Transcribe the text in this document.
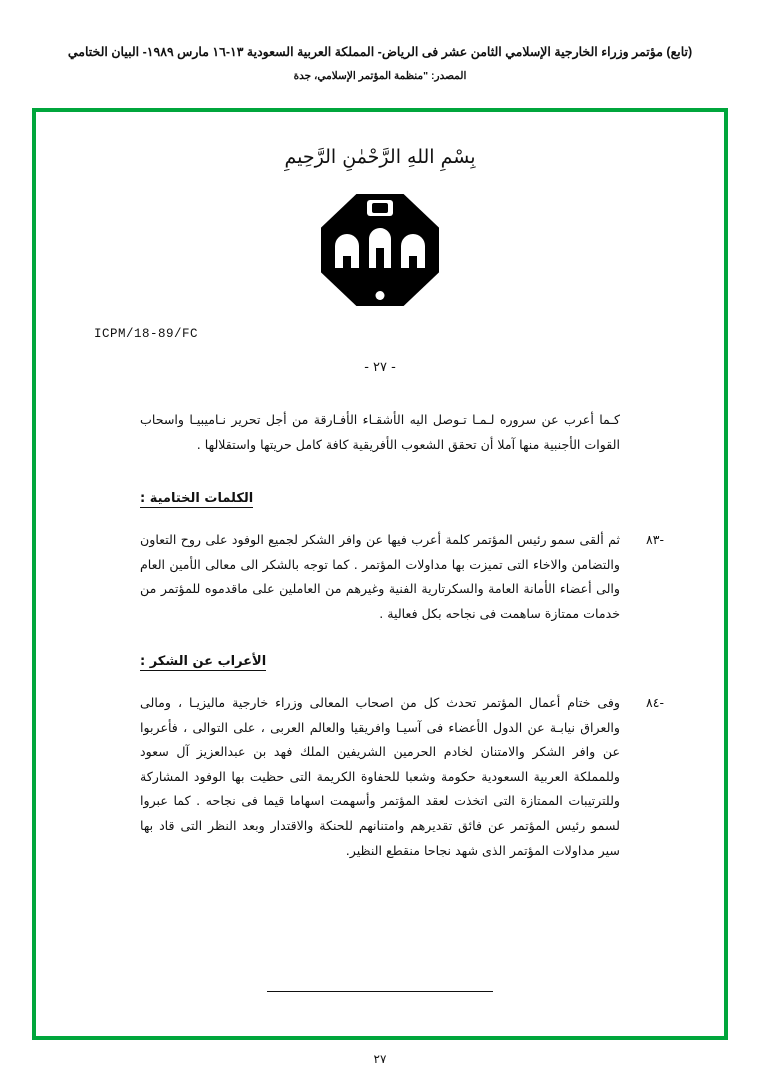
(تابع) مؤتمر وزراء الخارجية الإسلامي الثامن عشر فى الرياض- المملكة العربية السعودية ١٣-١٦ مارس ١٩٨٩- البيان الختامي
المصدر: "منظمة المؤتمر الإسلامي، جدة
بِسْمِ اللهِ الرَّحْمٰنِ الرَّحِيمِ
ICPM/18-89/FC
- ٢٧ -

كـما أعرب عن سروره لـمـا تـوصل اليه الأشقـاء الأفـارقة من أجل تحرير نـاميبيـا واسحاب القوات الأجنبية منها آملا أن تحقق الشعوب الأفريقية كافة كامل حريتها واستقلالها .

الكلمات الختامية :
-٨٣

ثم ألقى سمو رئيس المؤتمر كلمة أعرب فيها عن وافر الشكر لجميع الوفود على روح التعاون والتضامن والاخاء التى تميزت بها مداولات المؤتمر . كما توجه بالشكر الى معالى الأمين العام والى أعضاء الأمانة العامة والسكرتارية الفنية وغيرهم من العاملين على ماقدموه للمؤتمر من خدمات ممتازة ساهمت فى نجاحه بكل فعالية .

الأعراب عن الشكر :
-٨٤

وفى ختام أعمال المؤتمر تحدث كل من اصحاب المعالى وزراء خارجية ماليزيـا ، ومالى والعراق نيابـة عن الدول الأعضاء فى آسيـا وافريقيا والعالم العربى ، على التوالى ، فأعربوا عن وافر الشكر والامتنان لخادم الحرمين الشريفين الملك فهد بن عبدالعزيز آل سعود وللمملكة العربية السعودية حكومة وشعبا للحفاوة الكريمة التى حظيت بها الوفود المشاركة وللترتيبات الممتازة التى اتخذت لعقد المؤتمر وأسهمت اسهاما قيما فى نجاحه . كما عبروا لسمو رئيس المؤتمر عن فائق تقديرهم وامتنانهم للحنكة والاقتدار وبعد النظر التى قاد بها سير مداولات المؤتمر الذى شهد نجاحا منقطع النظير.

٢٧
